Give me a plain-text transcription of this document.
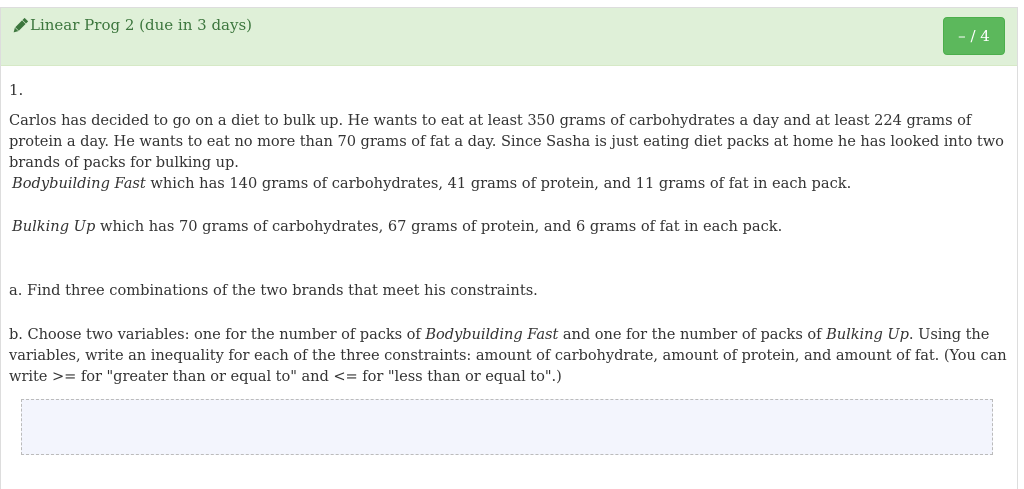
Linear Prog 2 (due in 3 days)
– / 4
1.
Carlos has decided to go on a diet to bulk up. He wants to eat at least 350 grams of carbohydrates a day and at least 224 grams of protein a day. He wants to eat no more than 70 grams of fat a day. Since Sasha is just eating diet packs at home he has looked into two brands of packs for bulking up.
Bodybuilding Fast which has 140 grams of carbohydrates, 41 grams of protein, and 11 grams of fat in each pack.
Bulking Up which has 70 grams of carbohydrates, 67 grams of protein, and 6 grams of fat in each pack.
a. Find three combinations of the two brands that meet his constraints.
b. Choose two variables: one for the number of packs of Bodybuilding Fast and one for the number of packs of Bulking Up. Using the variables, write an inequality for each of the three constraints: amount of carbohydrate, amount of protein, and amount of fat. (You can write >= for "greater than or equal to" and <= for "less than or equal to".)
